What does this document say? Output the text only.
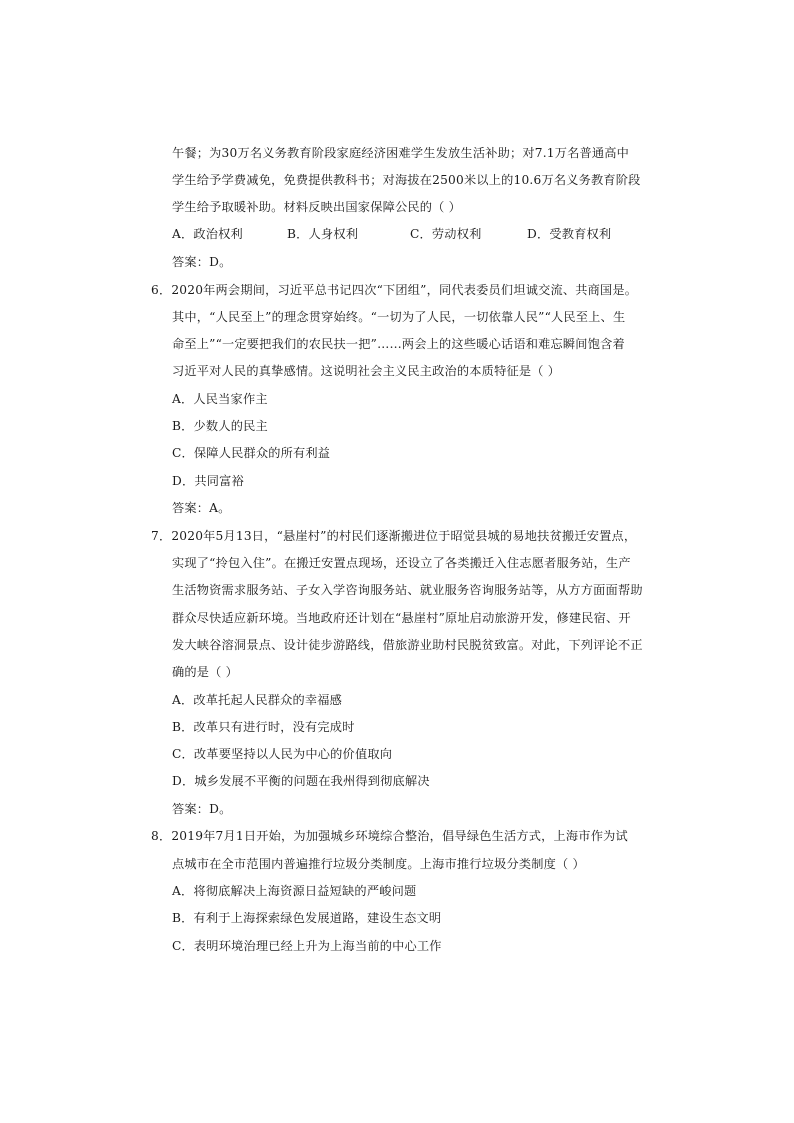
午餐；为30万名义务教育阶段家庭经济困难学生发放生活补助；对7.1万名普通高中
学生给予学费减免，免费提供教科书；对海拔在2500米以上的10.6万名义务教育阶段
学生给予取暖补助。材料反映出国家保障公民的（ ）
A．政治权利	B．人身权利	C．劳动权利	D．受教育权利
答案：D。
6．2020年两会期间，习近平总书记四次“下团组”，同代表委员们坦诚交流、共商国是。
其中，“人民至上”的理念贯穿始终。“一切为了人民，一切依靠人民”“人民至上、生
命至上”“一定要把我们的农民扶一把”……两会上的这些暖心话语和难忘瞬间饱含着
习近平对人民的真挚感情。这说明社会主义民主政治的本质特征是（ ）
A．人民当家作主
B．少数人的民主
C．保障人民群众的所有利益
D．共同富裕
答案：A。
7．2020年5月13日，“悬崖村”的村民们逐渐搬进位于昭觉县城的易地扶贫搬迁安置点，
实现了“拎包入住”。在搬迁安置点现场，还设立了各类搬迁入住志愿者服务站，生产
生活物资需求服务站、子女入学咨询服务站、就业服务咨询服务站等，从方方面面帮助
群众尽快适应新环境。当地政府还计划在“悬崖村”原址启动旅游开发，修建民宿、开
发大峡谷溶洞景点、设计徒步游路线，借旅游业助村民脱贫致富。对此，下列评论不正
确的是（ ）
A．改革托起人民群众的幸福感
B．改革只有进行时，没有完成时
C．改革要坚持以人民为中心的价值取向
D．城乡发展不平衡的问题在我州得到彻底解决
答案：D。
8．2019年7月1日开始，为加强城乡环境综合整治，倡导绿色生活方式，上海市作为试
点城市在全市范围内普遍推行垃圾分类制度。上海市推行垃圾分类制度（ ）
A．将彻底解决上海资源日益短缺的严峻问题
B．有利于上海探索绿色发展道路，建设生态文明
C．表明环境治理已经上升为上海当前的中心工作
